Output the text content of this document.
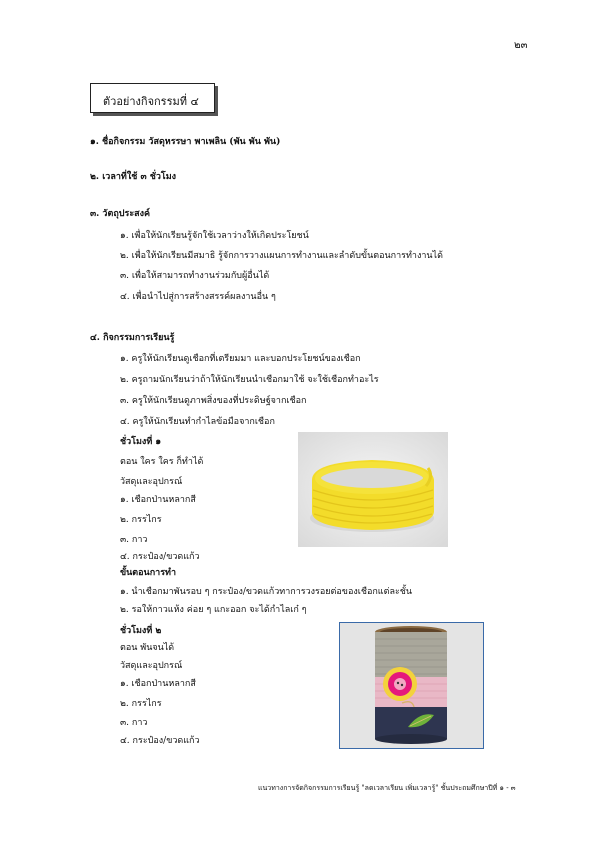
๒๓
ตัวอย่างกิจกรรมที่ ๔
๑. ชื่อกิจกรรม วัสดุหรรษา พาเพลิน (พัน พัน พัน)
๒. เวลาที่ใช้ ๓ ชั่วโมง
๓. วัตถุประสงค์
๑. เพื่อให้นักเรียนรู้จักใช้เวลาว่างให้เกิดประโยชน์
๒. เพื่อให้นักเรียนมีสมาธิ รู้จักการวางแผนการทำงานและลำดับขั้นตอนการทำงานได้
๓. เพื่อให้สามารถทำงานร่วมกับผู้อื่นได้
๔. เพื่อนำไปสู่การสร้างสรรค์ผลงานอื่น ๆ
๔. กิจกรรมการเรียนรู้
๑. ครูให้นักเรียนดูเชือกที่เตรียมมา และบอกประโยชน์ของเชือก
๒. ครูถามนักเรียนว่าถ้าให้นักเรียนนำเชือกมาใช้ จะใช้เชือกทำอะไร
๓. ครูให้นักเรียนดูภาพสิ่งของที่ประดิษฐ์จากเชือก
๔. ครูให้นักเรียนทำกำไลข้อมือจากเชือก
ชั่วโมงที่ ๑
ตอน ใคร ใคร ก็ทำได้
วัสดุและอุปกรณ์
๑. เชือกป่านหลากสี
๒. กรรไกร
๓. กาว
๔. กระป๋อง/ขวดแก้ว
ขั้นตอนการทำ
๑. นำเชือกมาพันรอบ ๆ กระป๋อง/ขวดแก้วทาการวงรอยต่อของเชือกแต่ละชั้น
๒. รอให้กาวแห้ง ค่อย ๆ แกะออก จะได้กำไลเก๋ ๆ
ชั่วโมงที่ ๒
ตอน พันจนได้
วัสดุและอุปกรณ์
๑. เชือกป่านหลากสี
๒. กรรไกร
๓. กาว
๔. กระป๋อง/ขวดแก้ว
แนวทางการจัดกิจกรรมการเรียนรู้ "ลดเวลาเรียน เพิ่มเวลารู้" ชั้นประถมศึกษาปีที่ ๑ - ๓
